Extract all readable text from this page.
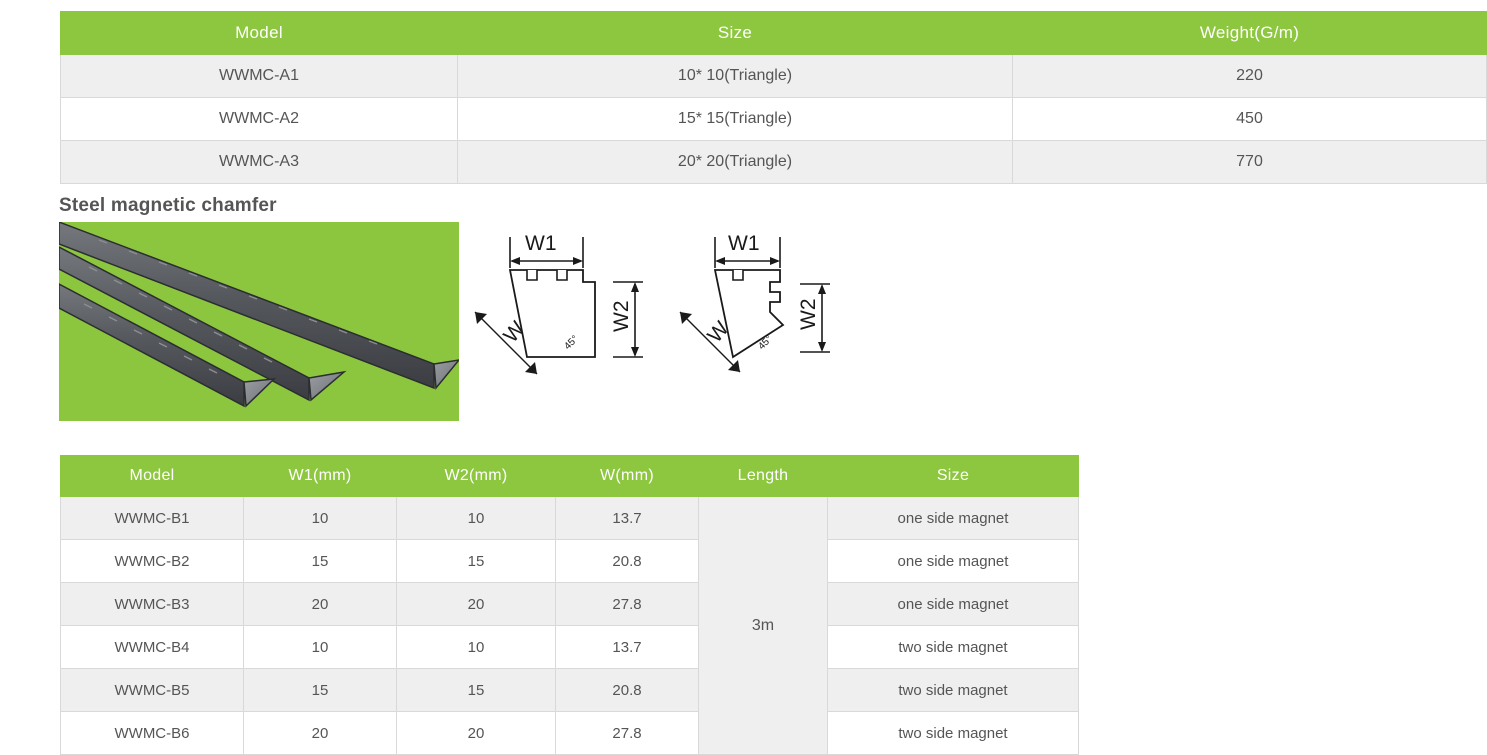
Model	Size	Weight(G/m)
WWMC-A1	10* 10(Triangle)	220
WWMC-A2	15* 15(Triangle)	450
WWMC-A3	20* 20(Triangle)	770
Steel magnetic chamfer
W1
W2
W	45°
W1
W2
W 45°
Model	W1(mm)	W2(mm)	W(mm)	Length	Size
WWMC-B1	10	10	13.7	3m	one side magnet
WWMC-B2	15	15	20.8		one side magnet
WWMC-B3	20	20	27.8		one side magnet
WWMC-B4	10	10	13.7		two side magnet
WWMC-B5	15	15	20.8		two side magnet
WWMC-B6	20	20	27.8		two side magnet
